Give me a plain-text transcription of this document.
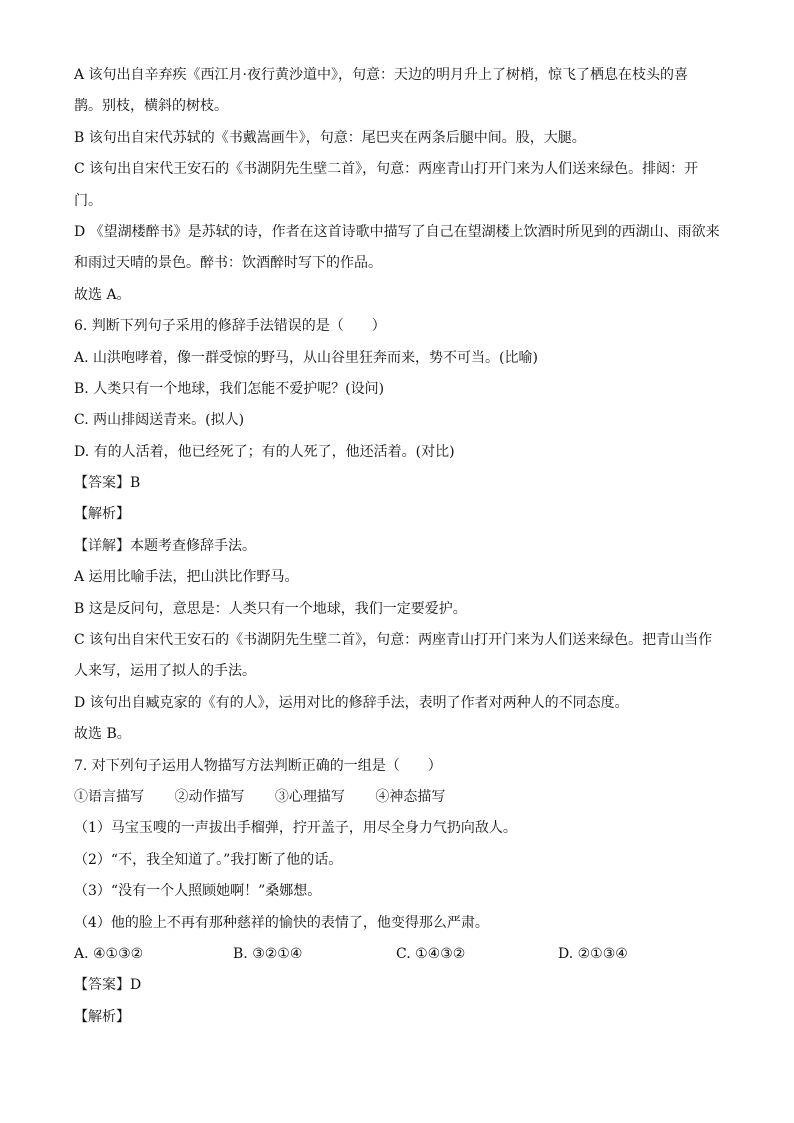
A 该句出自辛弃疾《西江月·夜行黄沙道中》，句意：天边的明月升上了树梢，惊飞了栖息在枝头的喜
鹊。别枝，横斜的树枝。
B 该句出自宋代苏轼的《书戴嵩画牛》，句意：尾巴夹在两条后腿中间。股，大腿。
C 该句出自宋代王安石的《书湖阴先生壁二首》，句意：两座青山打开门来为人们送来绿色。排闼：开
门。
D 《望湖楼醉书》是苏轼的诗，作者在这首诗歌中描写了自己在望湖楼上饮酒时所见到的西湖山、雨欲来
和雨过天晴的景色。醉书：饮酒醉时写下的作品。
故选 A。
6. 判断下列句子采用的修辞手法错误的是（　　）
A. 山洪咆哮着，像一群受惊的野马，从山谷里狂奔而来，势不可当。(比喻)
B. 人类只有一个地球，我们怎能不爱护呢？(设问)
C. 两山排闼送青来。(拟人)
D. 有的人活着，他已经死了；有的人死了，他还活着。(对比)
【答案】B
【解析】
【详解】本题考查修辞手法。
A 运用比喻手法，把山洪比作野马。
B 这是反问句，意思是：人类只有一个地球，我们一定要爱护。
C 该句出自宋代王安石的《书湖阴先生壁二首》，句意：两座青山打开门来为人们送来绿色。把青山当作
人来写，运用了拟人的手法。
D 该句出自臧克家的《有的人》，运用对比的修辞手法，表明了作者对两种人的不同态度。
故选 B。
7. 对下列句子运用人物描写方法判断正确的一组是（　　）
①语言描写 ②动作描写 ③心理描写 ④神态描写
（1）马宝玉嗖的一声拔出手榴弹，拧开盖子，用尽全身力气扔向敌人。
（2）“不，我全知道了。”我打断了他的话。
（3）“没有一个人照顾她啊！”桑娜想。
（4）他的脸上不再有那种慈祥的愉快的表情了，他变得那么严肃。
A. ④①③②	B. ③②①④	C. ①④③②	D. ②①③④
【答案】D
【解析】
